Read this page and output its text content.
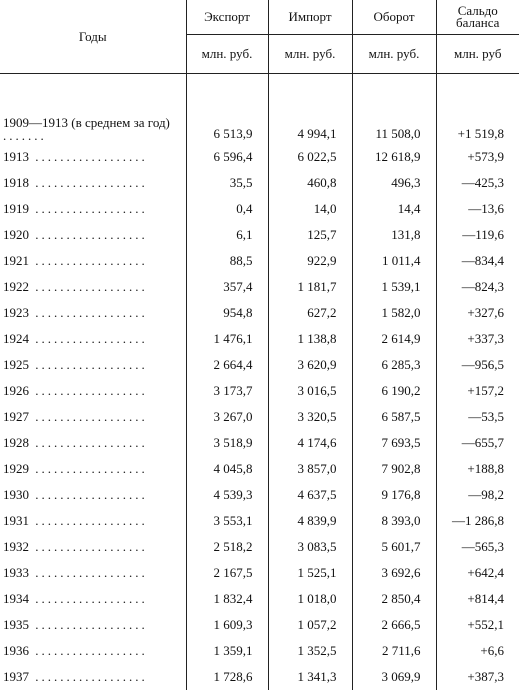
Годы	Экспорт	Импорт	Оборот	Сальдо
баланса
	млн. руб.	млн. руб.	млн. руб.	млн. руб

1909—1913 (в среднем за год) .......	6 513,9	4 994,1	11 508,0	+1 519,8
1913 ..................	6 596,4	6 022,5	12 618,9	+573,9
1918 ..................	35,5	460,8	496,3	—425,3
1919 ..................	0,4	14,0	14,4	—13,6
1920 ..................	6,1	125,7	131,8	—119,6
1921 ..................	88,5	922,9	1 011,4	—834,4
1922 ..................	357,4	1 181,7	1 539,1	—824,3
1923 ..................	954,8	627,2	1 582,0	+327,6
1924 ..................	1 476,1	1 138,8	2 614,9	+337,3
1925 ..................	2 664,4	3 620,9	6 285,3	—956,5
1926 ..................	3 173,7	3 016,5	6 190,2	+157,2
1927 ..................	3 267,0	3 320,5	6 587,5	—53,5
1928 ..................	3 518,9	4 174,6	7 693,5	—655,7
1929 ..................	4 045,8	3 857,0	7 902,8	+188,8
1930 ..................	4 539,3	4 637,5	9 176,8	—98,2
1931 ..................	3 553,1	4 839,9	8 393,0	—1 286,8
1932 ..................	2 518,2	3 083,5	5 601,7	—565,3
1933 ..................	2 167,5	1 525,1	3 692,6	+642,4
1934 ..................	1 832,4	1 018,0	2 850,4	+814,4
1935 ..................	1 609,3	1 057,2	2 666,5	+552,1
1936 ..................	1 359,1	1 352,5	2 711,6	+6,6
1937 ..................	1 728,6	1 341,3	3 069,9	+387,3
